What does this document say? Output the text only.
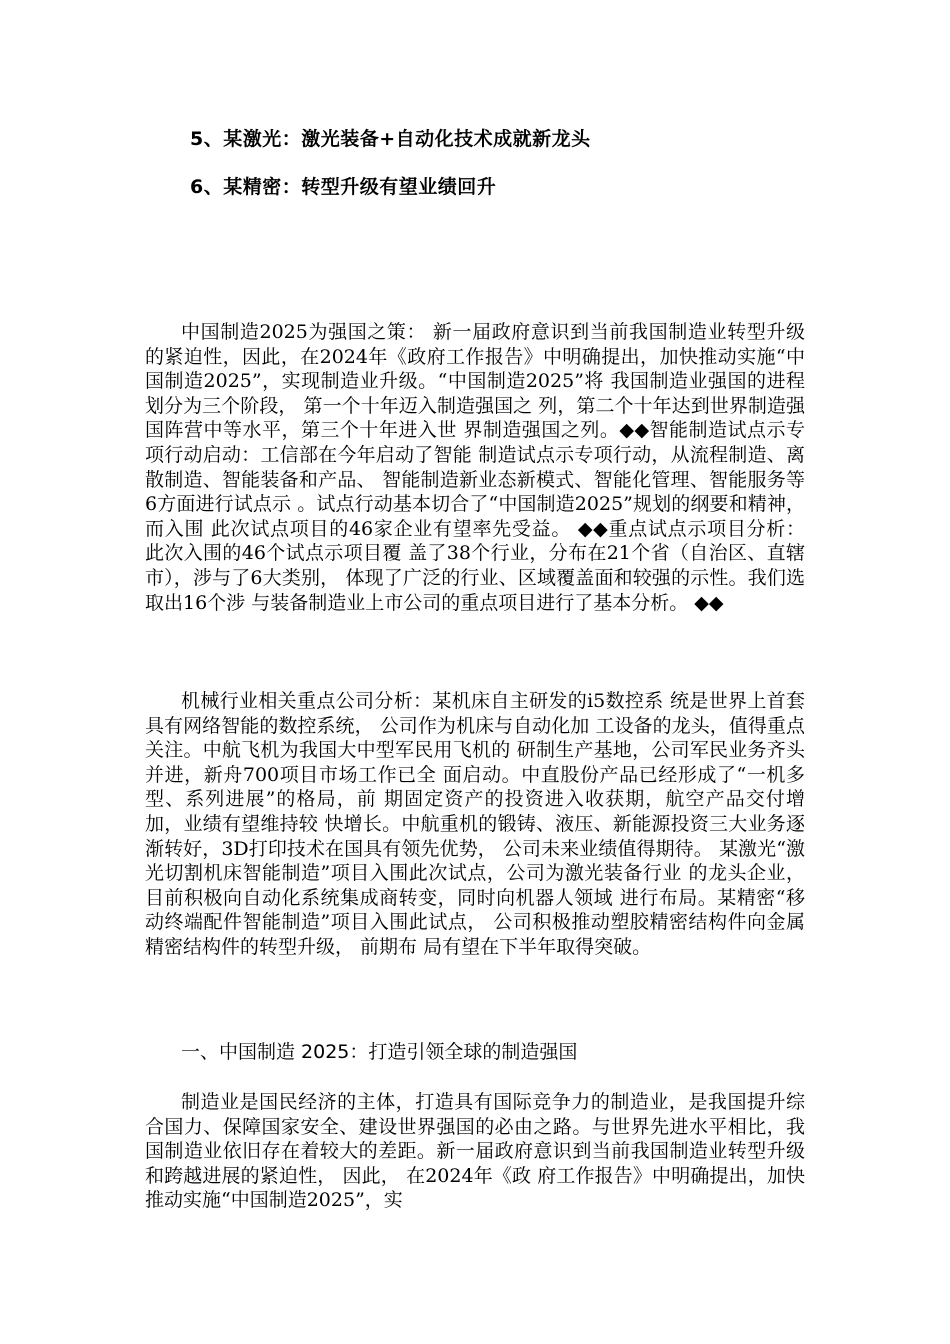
5、某激光：激光装备+自动化技术成就新龙头

6、某精密：转型升级有望业绩回升

中国制造2025为强国之策： 新一届政府意识到当前我国制造业转型升级的紧迫性，因此，在2024年《政府工作报告》中明确提出，加快推动实施“中国制造2025”，实现制造业升级。“中国制造2025”将 我国制造业强国的进程划分为三个阶段， 第一个十年迈入制造强国之 列，第二个十年达到世界制造强国阵营中等水平，第三个十年进入世 界制造强国之列。◆◆智能制造试点示专项行动启动：工信部在今年启动了智能 制造试点示专项行动，从流程制造、离散制造、智能装备和产品、 智能制造新业态新模式、智能化管理、智能服务等6方面进行试点示 。试点行动基本切合了“中国制造2025”规划的纲要和精神，而入围 此次试点项目的46家企业有望率先受益。 ◆◆重点试点示项目分析： 此次入围的46个试点示项目覆 盖了38个行业，分布在21个省（自治区、直辖市），涉与了6大类别， 体现了广泛的行业、区域覆盖面和较强的示性。我们选取出16个涉 与装备制造业上市公司的重点项目进行了基本分析。 ◆◆

机械行业相关重点公司分析：某机床自主研发的i5数控系 统是世界上首套具有网络智能的数控系统， 公司作为机床与自动化加 工设备的龙头，值得重点关注。中航飞机为我国大中型军民用飞机的 研制生产基地，公司军民业务齐头并进，新舟700项目市场工作已全 面启动。中直股份产品已经形成了“一机多型、系列进展”的格局，前 期固定资产的投资进入收获期，航空产品交付增加，业绩有望维持较 快增长。中航重机的锻铸、液压、新能源投资三大业务逐渐转好，3D打印技术在国具有领先优势， 公司未来业绩值得期待。 某激光“激 光切割机床智能制造”项目入围此次试点，公司为激光装备行业 的龙头企业，目前积极向自动化系统集成商转变，同时向机器人领域 进行布局。某精密“移动终端配件智能制造”项目入围此试点， 公司积极推动塑胶精密结构件向金属精密结构件的转型升级， 前期布 局有望在下半年取得突破。

一、中国制造 2025：打造引领全球的制造强国

制造业是国民经济的主体，打造具有国际竞争力的制造业，是我国提升综合国力、保障国家安全、建设世界强国的必由之路。与世界先进水平相比，我国制造业依旧存在着较大的差距。新一届政府意识到当前我国制造业转型升级和跨越进展的紧迫性， 因此， 在2024年《政 府工作报告》中明确提出，加快推动实施“中国制造2025”，实
